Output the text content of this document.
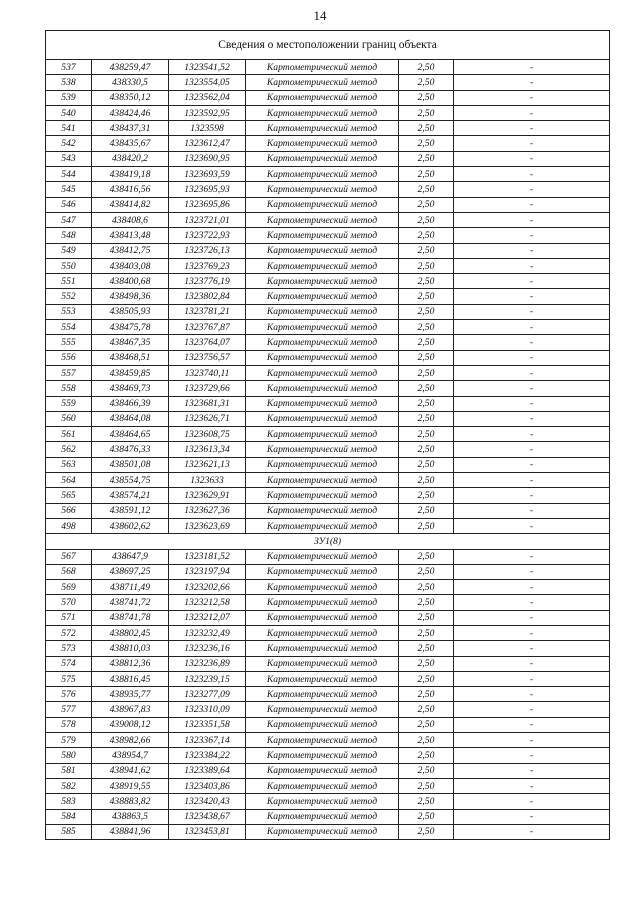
14
Сведения о местоположении границ объекта					
537	438259,47	1323541,52	Картометрический метод	2,50	-
538	438330,5	1323554,05	Картометрический метод	2,50	-
539	438350,12	1323562,04	Картометрический метод	2,50	-
540	438424,46	1323592,95	Картометрический метод	2,50	-
541	438437,31	1323598	Картометрический метод	2,50	-
542	438435,67	1323612,47	Картометрический метод	2,50	-
543	438420,2	1323690,95	Картометрический метод	2,50	-
544	438419,18	1323693,59	Картометрический метод	2,50	-
545	438416,56	1323695,93	Картометрический метод	2,50	-
546	438414,82	1323695,86	Картометрический метод	2,50	-
547	438408,6	1323721,01	Картометрический метод	2,50	-
548	438413,48	1323722,93	Картометрический метод	2,50	-
549	438412,75	1323726,13	Картометрический метод	2,50	-
550	438403,08	1323769,23	Картометрический метод	2,50	-
551	438400,68	1323776,19	Картометрический метод	2,50	-
552	438498,36	1323802,84	Картометрический метод	2,50	-
553	438505,93	1323781,21	Картометрический метод	2,50	-
554	438475,78	1323767,87	Картометрический метод	2,50	-
555	438467,35	1323764,07	Картометрический метод	2,50	-
556	438468,51	1323756,57	Картометрический метод	2,50	-
557	438459,85	1323740,11	Картометрический метод	2,50	-
558	438469,73	1323729,66	Картометрический метод	2,50	-
559	438466,39	1323681,31	Картометрический метод	2,50	-
560	438464,08	1323626,71	Картометрический метод	2,50	-
561	438464,65	1323608,75	Картометрический метод	2,50	-
562	438476,33	1323613,34	Картометрический метод	2,50	-
563	438501,08	1323621,13	Картометрический метод	2,50	-
564	438554,75	1323633	Картометрический метод	2,50	-
565	438574,21	1323629,91	Картометрический метод	2,50	-
566	438591,12	1323627,36	Картометрический метод	2,50	-
498	438602,62	1323623,69	Картометрический метод	2,50	-
ЗУ1(8)					
567	438647,9	1323181,52	Картометрический метод	2,50	-
568	438697,25	1323197,94	Картометрический метод	2,50	-
569	438711,49	1323202,66	Картометрический метод	2,50	-
570	438741,72	1323212,58	Картометрический метод	2,50	-
571	438741,78	1323212,07	Картометрический метод	2,50	-
572	438802,45	1323232,49	Картометрический метод	2,50	-
573	438810,03	1323236,16	Картометрический метод	2,50	-
574	438812,36	1323236,89	Картометрический метод	2,50	-
575	438816,45	1323239,15	Картометрический метод	2,50	-
576	438935,77	1323277,09	Картометрический метод	2,50	-
577	438967,83	1323310,09	Картометрический метод	2,50	-
578	439008,12	1323351,58	Картометрический метод	2,50	-
579	438982,66	1323367,14	Картометрический метод	2,50	-
580	438954,7	1323384,22	Картометрический метод	2,50	-
581	438941,62	1323389,64	Картометрический метод	2,50	-
582	438919,55	1323403,86	Картометрический метод	2,50	-
583	438883,82	1323420,43	Картометрический метод	2,50	-
584	438863,5	1323438,67	Картометрический метод	2,50	-
585	438841,96	1323453,81	Картометрический метод	2,50	-
